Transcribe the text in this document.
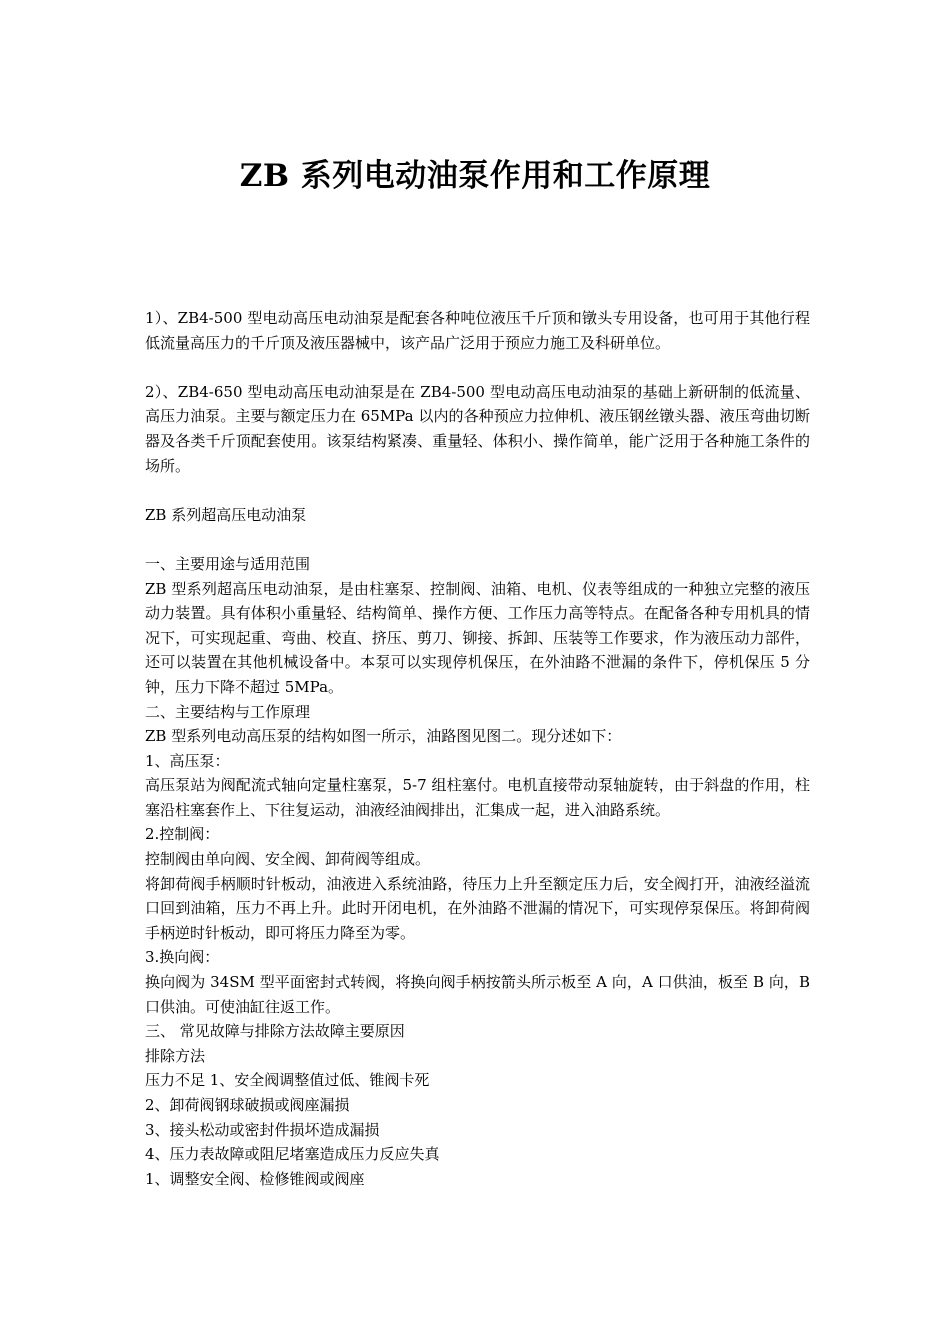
ZB 系列电动油泵作用和工作原理

1）、ZB4-500 型电动高压电动油泵是配套各种吨位液压千斤顶和镦头专用设备，也可用于其他行程低流量高压力的千斤顶及液压器械中，该产品广泛用于预应力施工及科研单位。

2）、ZB4-650 型电动高压电动油泵是在 ZB4-500 型电动高压电动油泵的基础上新研制的低流量、高压力油泵。主要与额定压力在 65MPa 以内的各种预应力拉伸机、液压钢丝镦头器、液压弯曲切断器及各类千斤顶配套使用。该泵结构紧凑、重量轻、体积小、操作简单，能广泛用于各种施工条件的场所。

ZB 系列超高压电动油泵

一、主要用途与适用范围

ZB 型系列超高压电动油泵，是由柱塞泵、控制阀、油箱、电机、仪表等组成的一种独立完整的液压动力装置。具有体积小重量轻、结构简单、操作方便、工作压力高等特点。在配备各种专用机具的情况下，可实现起重、弯曲、校直、挤压、剪刀、铆接、拆卸、压装等工作要求，作为液压动力部件，还可以装置在其他机械设备中。本泵可以实现停机保压，在外油路不泄漏的条件下，停机保压 5 分钟，压力下降不超过 5MPa。

二、主要结构与工作原理

ZB 型系列电动高压泵的结构如图一所示，油路图见图二。现分述如下：

1、高压泵：

高压泵站为阀配流式轴向定量柱塞泵，5-7 组柱塞付。电机直接带动泵轴旋转，由于斜盘的作用，柱塞沿柱塞套作上、下往复运动，油液经油阀排出，汇集成一起，进入油路系统。

2.控制阀：

控制阀由单向阀、安全阀、卸荷阀等组成。

将卸荷阀手柄顺时针板动，油液进入系统油路，待压力上升至额定压力后，安全阀打开，油液经溢流口回到油箱，压力不再上升。此时开闭电机，在外油路不泄漏的情况下，可实现停泵保压。将卸荷阀手柄逆时针板动，即可将压力降至为零。

3.换向阀：

换向阀为 34SM 型平面密封式转阀，将换向阀手柄按箭头所示板至 A 向，A 口供油，板至 B 向，B 口供油。可使油缸往返工作。

三、 常见故障与排除方法故障主要原因

排除方法

压力不足 1、安全阀调整值过低、锥阀卡死

2、卸荷阀钢球破损或阀座漏损

3、接头松动或密封件损坏造成漏损

4、压力表故障或阻尼堵塞造成压力反应失真

1、调整安全阀、检修锥阀或阀座
